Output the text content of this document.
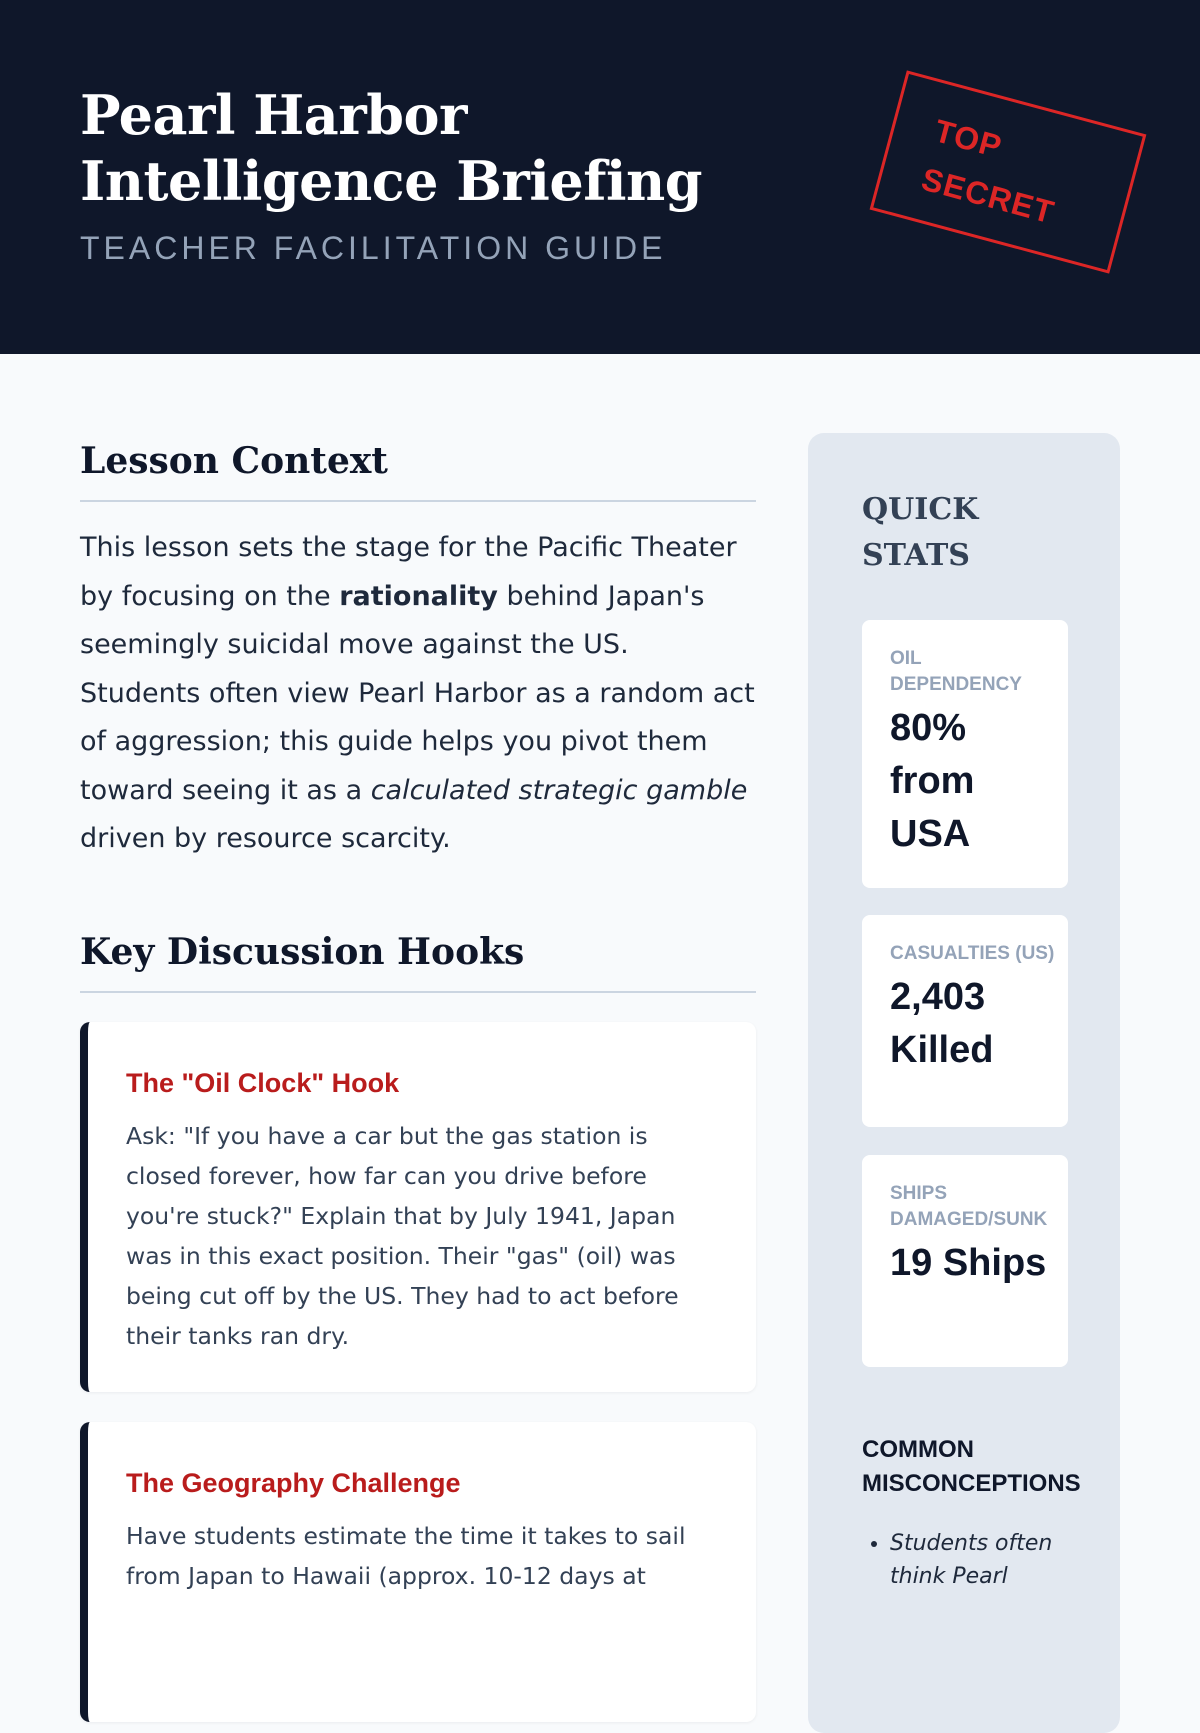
Pearl Harbor Intelligence Briefing
TEACHER FACILITATION GUIDE
TOP
SECRET
Lesson Context

This lesson sets the stage for the Pacific Theater by focusing on the rationality behind Japan's seemingly suicidal move against the US. Students often view Pearl Harbor as a random act of aggression; this guide helps you pivot them toward seeing it as a calculated strategic gamble driven by resource scarcity.

Key Discussion Hooks
The "Oil Clock" Hook
Ask: "If you have a car but the gas station is closed forever, how far can you drive before you're stuck?" Explain that by July 1941, Japan was in this exact position. Their "gas" (oil) was being cut off by the US. They had to act before their tanks ran dry.
The Geography Challenge
Have students estimate the time it takes to sail from Japan to Hawaii (approx. 10-12 days at
QUICK STATS
OIL DEPENDENCY
80% from USA
CASUALTIES (US)
2,403 Killed
SHIPS DAMAGED/SUNK
19 Ships
COMMON MISCONCEPTIONS
• Students often think Pearl
